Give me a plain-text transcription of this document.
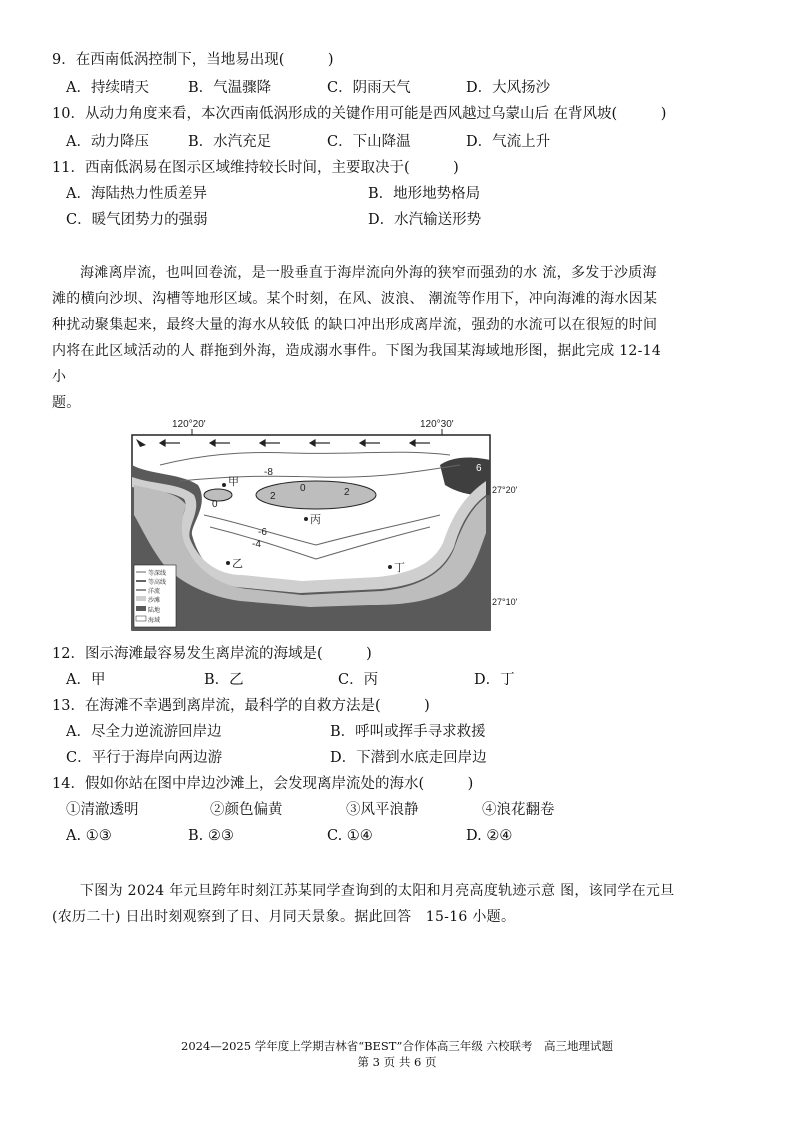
9．在西南低涡控制下，当地易出现(　　　)
A．持续晴天	B．气温骤降	C．阴雨天气	D．大风扬沙
10．从动力角度来看，本次西南低涡形成的关键作用可能是西风越过乌蒙山后 在背风坡(　　　)
A．动力降压	B．水汽充足	C．下山降温	D．气流上升
11．西南低涡易在图示区域维持较长时间，主要取决于(　　　)
A．海陆热力性质差异	B．地形地势格局
C．暖气团势力的强弱	D．水汽输送形势
海滩离岸流，也叫回卷流，是一股垂直于海岸流向外海的狭窄而强劲的水 流，多发于沙质海
滩的横向沙坝、沟槽等地形区域。某个时刻，在风、波浪、 潮流等作用下，冲向海滩的海水因某
种扰动聚集起来，最终大量的海水从较低 的缺口冲出形成离岸流，强劲的水流可以在很短的时间
内将在此区域活动的人 群拖到外海，造成溺水事件。下图为我国某海域地形图，据此完成 12-14
小
题。
120°20'	120°30'
-8
2
0	2
0
-6
-4
4
6
甲
乙
丙
丁
27°20'
27°10'
等深线
等高线
洋流
沙滩
陆地
海域
12．图示海滩最容易发生离岸流的海域是(　　　)
A．甲	B．乙	C．丙	D．丁
13．在海滩不幸遇到离岸流，最科学的自救方法是(　　　)
A．尽全力逆流游回岸边	B．呼叫或挥手寻求救援
C．平行于海岸向两边游	D．下潜到水底走回岸边
14．假如你站在图中岸边沙滩上，会发现离岸流处的海水(　　　)
①清澈透明	②颜色偏黄	③风平浪静	④浪花翻卷
A. ①③	B. ②③	C. ①④	D. ②④
下图为 2024 年元旦跨年时刻江苏某同学查询到的太阳和月亮高度轨迹示意 图，该同学在元旦
(农历二十) 日出时刻观察到了日、月同天景象。据此回答　15-16 小题。
2024—2025 学年度上学期吉林省“BEST”合作体高三年级 六校联考　高三地理试题
第 3 页 共 6 页
